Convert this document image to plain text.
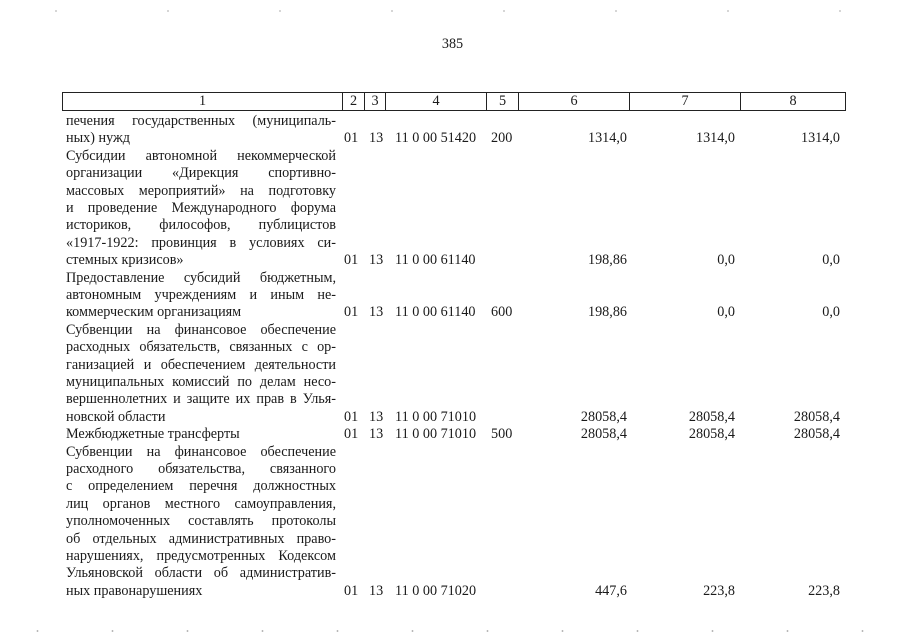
385
1	2	3	4	5	6	7	8
печения государственных (муниципаль-
ных) нужд	01 13 11 0 00 51420 200	1314,0	1314,0	1314,0
Субсидии автономной некоммерческой
организации «Дирекция спортивно-
массовых мероприятий» на подготовку
и проведение Международного форума
историков, философов, публицистов
«1917-1922: провинция в условиях си-
стемных кризисов»	01 13 11 0 00 61140	198,86	0,0	0,0
Предоставление субсидий бюджетным,
автономным учреждениям и иным не-
коммерческим организациям	01 13 11 0 00 61140 600	198,86	0,0	0,0
Субвенции на финансовое обеспечение
расходных обязательств, связанных с ор-
ганизацией и обеспечением деятельности
муниципальных комиссий по делам несо-
вершеннолетних и защите их прав в Улья-
новской области	01 13 11 0 00 71010	28058,4	28058,4	28058,4
Межбюджетные трансферты	01 13 11 0 00 71010 500	28058,4	28058,4	28058,4
Субвенции на финансовое обеспечение
расходного обязательства, связанного
с определением перечня должностных
лиц органов местного самоуправления,
уполномоченных составлять протоколы
об отдельных административных право-
нарушениях, предусмотренных Кодексом
Ульяновской области об административ-
ных правонарушениях	01 13 11 0 00 71020	447,6	223,8	223,8
